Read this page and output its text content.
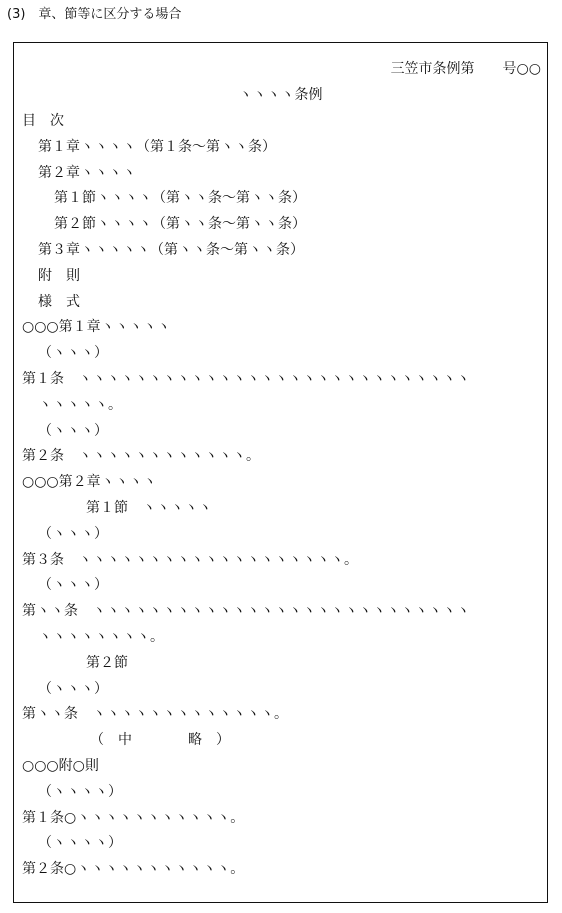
(3)　章、節等に区分する場合
三笠市条例第　　号○○
ヽヽヽヽ条例
目　次
第１章ヽヽヽヽ（第１条～第ヽヽ条）
第２章ヽヽヽヽ
第１節ヽヽヽヽ（第ヽヽ条～第ヽヽ条）
第２節ヽヽヽヽ（第ヽヽ条～第ヽヽ条）
第３章ヽヽヽヽヽ（第ヽヽ条～第ヽヽ条）
附　則
様　式
○○○第１章ヽヽヽヽヽ
（ヽヽヽ）
第１条　ヽヽヽヽヽヽヽヽヽヽヽヽヽヽヽヽヽヽヽヽヽヽヽヽヽヽヽヽ
ヽヽヽヽヽ。
（ヽヽヽ）
第２条　ヽヽヽヽヽヽヽヽヽヽヽヽ。
○○○第２章ヽヽヽヽ
第１節　ヽヽヽヽヽ
（ヽヽヽ）
第３条　ヽヽヽヽヽヽヽヽヽヽヽヽヽヽヽヽヽヽヽ。
（ヽヽヽ）
第ヽヽ条　ヽヽヽヽヽヽヽヽヽヽヽヽヽヽヽヽヽヽヽヽヽヽヽヽヽヽヽ
ヽヽヽヽヽヽヽヽ。
第２節
（ヽヽヽ）
第ヽヽ条　ヽヽヽヽヽヽヽヽヽヽヽヽヽ。
（　中　　　　略　）
○○○附○則
（ヽヽヽヽ）
第１条○ヽヽヽヽヽヽヽヽヽヽヽ。
（ヽヽヽヽ）
第２条○ヽヽヽヽヽヽヽヽヽヽヽ。
